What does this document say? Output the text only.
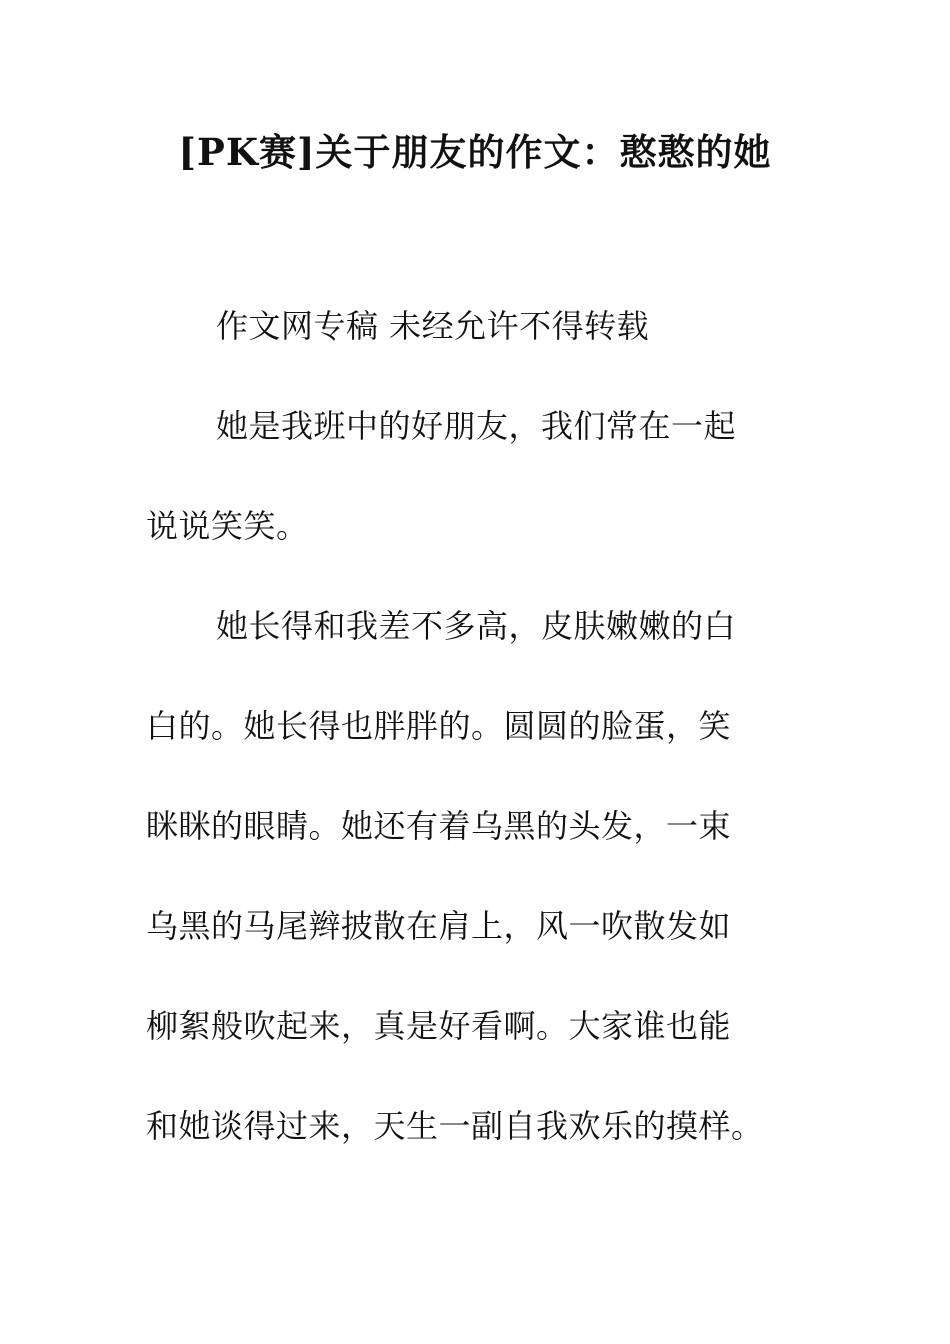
[PK赛]关于朋友的作文：憨憨的她
作文网专稿 未经允许不得转载
她是我班中的好朋友，我们常在一起
说说笑笑。
她长得和我差不多高，皮肤嫩嫩的白
白的。她长得也胖胖的。圆圆的脸蛋，笑
眯眯的眼睛。她还有着乌黑的头发，一束
乌黑的马尾辫披散在肩上，风一吹散发如
柳絮般吹起来，真是好看啊。大家谁也能
和她谈得过来，天生一副自我欢乐的摸样。
